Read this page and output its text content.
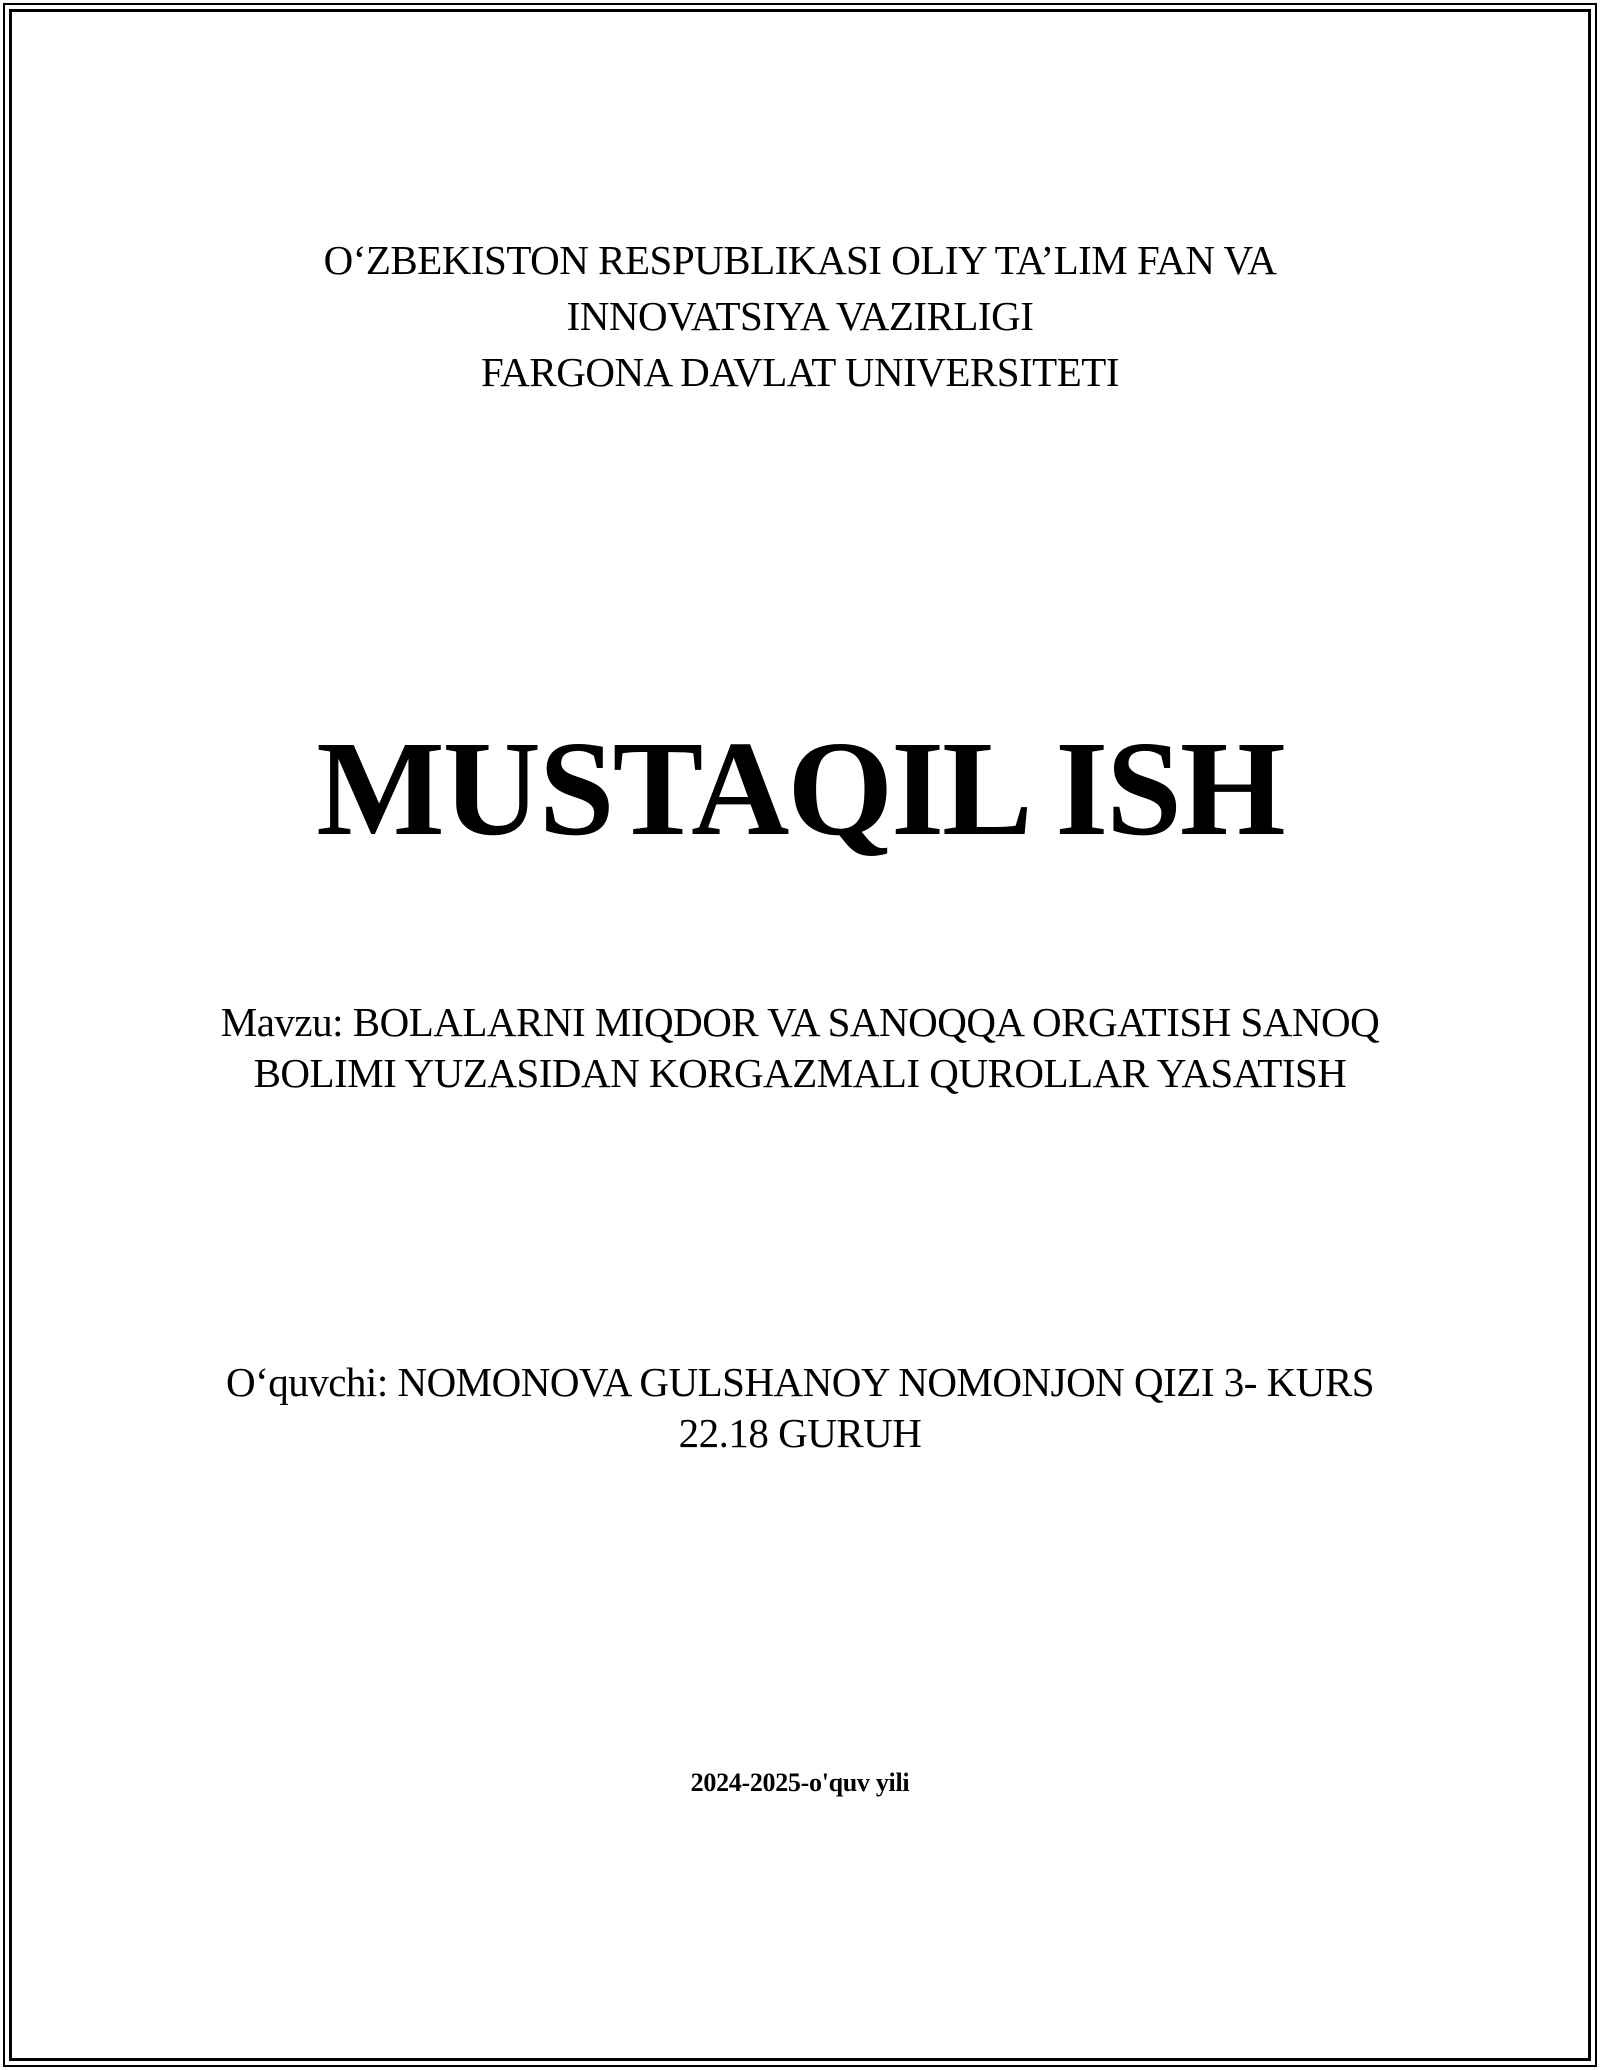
O‘ZBEKISTON RESPUBLIKASI OLIY TA’LIM FAN VA
INNOVATSIYA VAZIRLIGI
FARGONA DAVLAT UNIVERSITETI
MUSTAQIL ISH
Mavzu: BOLALARNI MIQDOR VA SANOQQA ORGATISH SANOQ
BOLIMI YUZASIDAN KORGAZMALI QUROLLAR YASATISH
O‘quvchi: NOMONOVA GULSHANOY NOMONJON QIZI 3- KURS
22.18 GURUH
2024-2025-o'quv yili
